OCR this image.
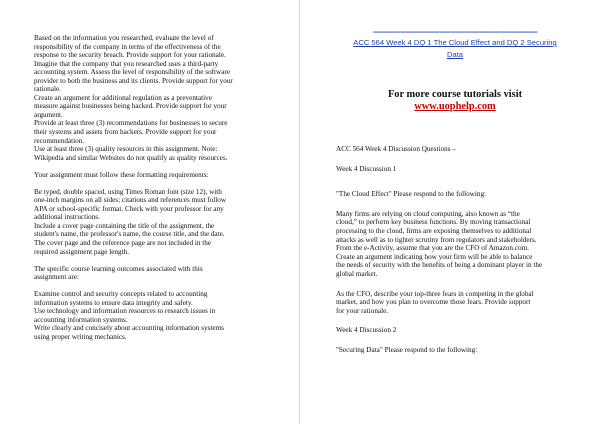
Based on the information you researched, evaluate the level of
responsibility of the company in terms of the effectiveness of the
response to the security breach. Provide support for your rationale.
Imagine that the company that you researched uses a third-party
accounting system. Assess the level of responsibility of the software
provider to both the business and its clients. Provide support for your
rationale.
Create an argument for additional regulation as a preventative
measure against businesses being hacked. Provide support for your
argument.
Provide at least three (3) recommendations for businesses to secure
their systems and assets from hackers. Provide support for your
recommendation.
Use at least three (3) quality resources in this assignment. Note:
Wikipedia and similar Websites do not qualify as quality resources.

Your assignment must follow these formatting requirements:

Be typed, double spaced, using Times Roman font (size 12), with
one-inch margins on all sides; citations and references must follow
APA or school-specific format. Check with your professor for any
additional instructions.
Include a cover page containing the title of the assignment, the
student's name, the professor's name, the course title, and the date.
The cover page and the reference page are not included in the
required assignment page length.

The specific course learning outcomes associated with this
assignment are:

Examine control and security concepts related to accounting
information systems to ensure data integrity and safety.
Use technology and information resources to research issues in
accounting information systems.
Write clearly and concisely about accounting information systems
using proper writing mechanics.

==========================================

ACC 564 Week 4 DQ 1 The Cloud Effect and DQ 2 Securing
Data

For more course tutorials visit
www.uophelp.com

ACC 564 Week 4 Discussion Questions –

Week 4 Discussion 1

"The Cloud Effect" Please respond to the following:

Many firms are relying on cloud computing, also known as “the
cloud,” to perform key business functions. By moving transactional
processing to the cloud, firms are exposing themselves to additional
attacks as well as to tighter scrutiny from regulators and stakeholders.
From the e-Activity, assume that you are the CFO of Amazon.com.
Create an argument indicating how your firm will be able to balance
the needs of security with the benefits of being a dominant player in the
global market.

As the CFO, describe your top-three fears in competing in the global
market, and how you plan to overcome those fears. Provide support
for your rationale.

Week 4 Discussion 2

"Securing Data" Please respond to the following:
